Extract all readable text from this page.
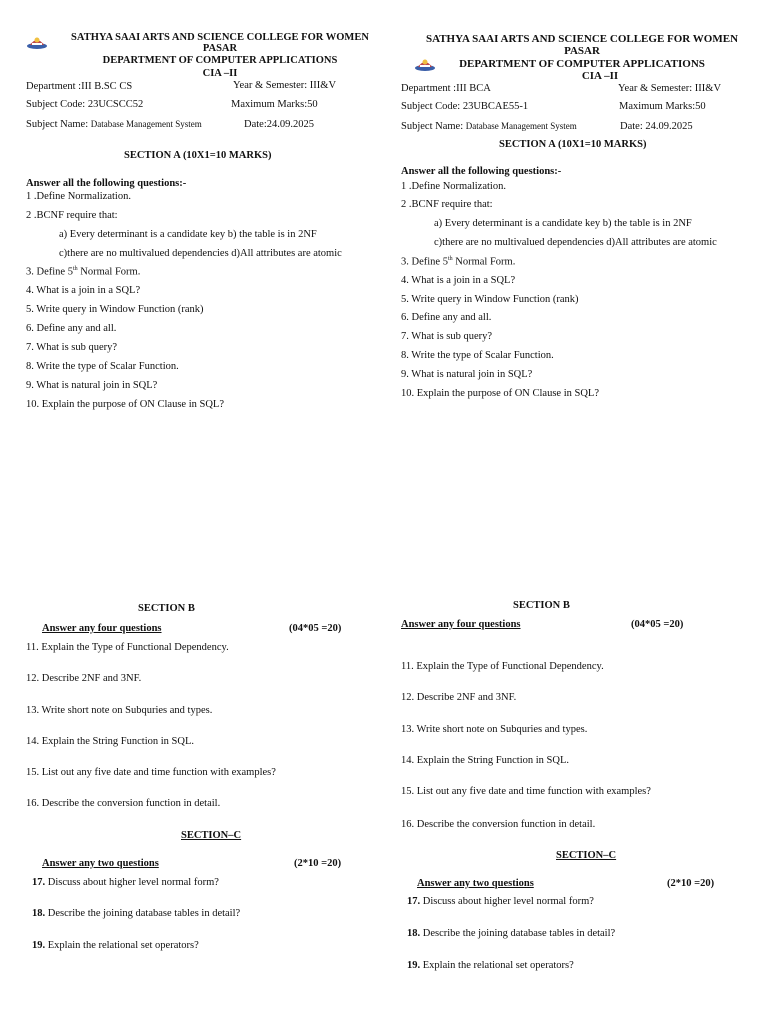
SATHYA SAAI ARTS AND SCIENCE COLLEGE FOR WOMEN
PASAR
DEPARTMENT OF COMPUTER APPLICATIONS
CIA –II
Department :III B.SC CS	Year & Semester: III&V
Subject Code: 23UCSCC52	Maximum Marks:50
Subject Name: Database Management System	Date:24.09.2025
SECTION A (10X1=10 MARKS)
Answer all the following questions:-
1 .Define Normalization.
2 .BCNF require that:
a) Every determinant is a candidate key b) the table is in 2NF
c)there are no multivalued dependencies d)All attributes are atomic
3. Define 5th Normal Form.
4. What is a join in a SQL?
5. Write query in Window Function (rank)
6. Define any and all.
7. What is sub query?
8. Write the type of Scalar Function.
9. What is natural join in SQL?
10. Explain the purpose of ON Clause in SQL?
SECTION B
Answer any four questions	(04*05 =20)
11. Explain the Type of Functional Dependency.
12. Describe 2NF and 3NF.
13. Write short note on Subquries and types.
14. Explain the String Function in SQL.
15. List out any five date and time function with examples?
16. Describe the conversion function in detail.
SECTION–C
Answer any two questions	(2*10 =20)
17. Discuss about higher level normal form?
18. Describe the joining database tables in detail?
19. Explain the relational set operators?
SATHYA SAAI ARTS AND SCIENCE COLLEGE FOR WOMEN
PASAR
DEPARTMENT OF COMPUTER APPLICATIONS
CIA –II
Department :III BCA	Year & Semester: III&V
Subject Code: 23UBCAE55-1	Maximum Marks:50
Subject Name: Database Management System	Date: 24.09.2025
SECTION A (10X1=10 MARKS)
Answer all the following questions:-
1 .Define Normalization.
2 .BCNF require that:
a) Every determinant is a candidate key b) the table is in 2NF
c)there are no multivalued dependencies d)All attributes are atomic
3. Define 5th Normal Form.
4. What is a join in a SQL?
5. Write query in Window Function (rank)
6. Define any and all.
7. What is sub query?
8. Write the type of Scalar Function.
9. What is natural join in SQL?
10. Explain the purpose of ON Clause in SQL?
SECTION B
Answer any four questions	(04*05 =20)
11. Explain the Type of Functional Dependency.
12. Describe 2NF and 3NF.
13. Write short note on Subquries and types.
14. Explain the String Function in SQL.
15. List out any five date and time function with examples?
16. Describe the conversion function in detail.
SECTION–C
Answer any two questions	(2*10 =20)
17. Discuss about higher level normal form?
18. Describe the joining database tables in detail?
19. Explain the relational set operators?
